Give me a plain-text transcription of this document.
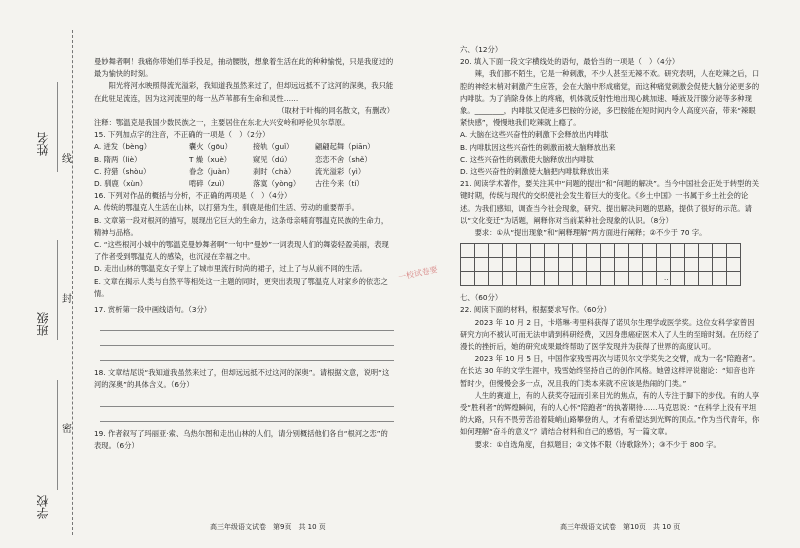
姓名
班级
学校
线
封
密

曼妙舞者啊！我痛你带她们举手投足，抽动腰肢，想象着生活在此的种种愉悦，只是我度过的最为愉快的时刻。

阳光将河水映照得流光溢彩，我知道我虽然来过了，但却远远抵不了这河的深奥，我只能在此驻足流连，因为这河流里的每一丛芦苇都有生命和灵性……

（取材于叶梅的同名散文，有删改）

注释：鄂温克是我国少数民族之一，主要居住在东北大兴安岭和呼伦贝尔草原。

15. 下列加点字的注音，不正确的一项是（　）（2分）

A. 迸发（bèng）	囊火（gōu）	接轨（guǐ）	翩翩起舞（piān）
B. 隋两（liè）	T 燥（xuè）	窥见（dú）	恋恋不舍（shě）
C. 狩猎（shòu）	眷念（juàn）	刹时（chà）	流光溢彩（yì）
D. 驯鹿（xùn）	啃碎（zuì）	落寞（yòng）	古往今来（tí）

16. 下列对作品的概括与分析，不正确的两项是（　）（4分）

A. 传统的鄂温克人生活在山林，以打猎为生，驯鹿是他们生活、劳动的重要帮手。

B. 文章第一段对根河的描写，展现出它巨大的生命力，这条母亲哺育鄂温克民族的生命力，精神与品格。

C. “这些根河小城中的鄂温克曼妙舞者啊”一句中“曼妙”一词表现人们的舞姿轻盈美丽，表现了作者受到鄂温克人的感染，也沉浸在幸福之中。

D. 走出山林的鄂温克女子穿上了城市里流行时尚的裙子，过上了与从前不同的生活。

E. 文章在揭示人类与自然平等相处这一主题的同时，更突出表现了鄂温克人对家乡的依恋之情。

17. 赏析第一段中画线语句。（3分）

18. 文章结尾说“我知道我虽然来过了，但却远远抵不过这河的深奥”。请根据文意，说明“这河的深奥”的具体含义。（6分）

19. 作者叙写了玛丽亚·索、乌热尔图和走出山林的人们，请分别概括他们各自“根河之恋”的表现。（6分）

高三年级语文试卷　第9页　共 10 页
一校试卷要

六、（12分）

20. 填入下面一段文字横线处的语句，最恰当的一项是（　）（4分）

辣，我们都不陌生，它是一种刺激，不少人甚至无辣不欢。研究表明，人在吃辣之后，口腔的神经末梢对刺激产生应答，会在大脑中形成痛觉，而这种痛觉刺激会促使大脑分泌更多的内啡肽。为了消除身体上的疼痛，机体就反射性地出现心跳加速、唾液及汗腺分泌等多种现象。________，内啡肽又促进多巴胺的分泌，多巴胺能在短时间内令人高度兴奋，带来“辣眼紧快感”，慢慢地我们吃辣就上瘾了。

A. 大脑在这些兴奋性的刺激下会释放出内啡肽

B. 内啡肽因这些兴奋性的刺激而被大脑释放出来

C. 这些兴奋性的刺激使大脑释放出内啡肽

D. 这些兴奋性的刺激使大脑把内啡肽释放出来

21. 阅读学术著作，要关注其中“问题的提出”和“问题的解决”。当今中国社会正处于转型的关键时期，传统与现代的交织使社会发生着巨大的变化。《乡土中国》一书属于乡土社会的论述。为我们感知，调查当今社会现象，研究、提出解决问题的思路，提供了很好的示范。请以“文化变迁”为话题，阐释你对当前某种社会现象的认识。（8分）

要求：①从“提出现象”和“阐释理解”两方面进行阐释；②不少于 70 字。

..

七、（60分）

22. 阅读下面的材料，根据要求写作。（60分）

2023 年 10 月 2 日，卡塔琳·考里科获得了诺贝尔生理学或医学奖。这位女科学家曾因研究方向不被认可而无法申请到科研经费，又因身患癌症医术入了人生的至暗时刻。在历经了漫长的挫折后，她的研究成果最终帮助了医学发现并为获得了世界的高度认可。

2023 年 10 月 5 日，中国作家残雪再次与诺贝尔文学奖失之交臂，成为一名“陪跑者”。在长达 30 年的文学生涯中，残雪始终坚持自己的创作风格。她曾这样评说谢论：“知音也许暂时少，但慢慢会多一点，况且我的门类本来就不应该是热闹的门类。”

人生的赛道上，有的人获奖夺冠而引来目光的焦点，有的人专注于脚下的步伐。有的人享受“胜利者”的辉煌瞬间，有的人心怀“陪跑者”的执著期待……马克思说：“在科学上没有平坦的大路，只有不畏劳苦沿着陡峭山路攀登的人，才有希望达到光辉的顶点。”作为当代青年，你如何理解“奋斗的意义”？请结合材料和自己的感悟，写一篇文章。

要求：①自选角度，自拟题目；②文体不限（诗歌除外）；③不少于 800 字。

高三年级语文试卷　第10页　共 10 页
